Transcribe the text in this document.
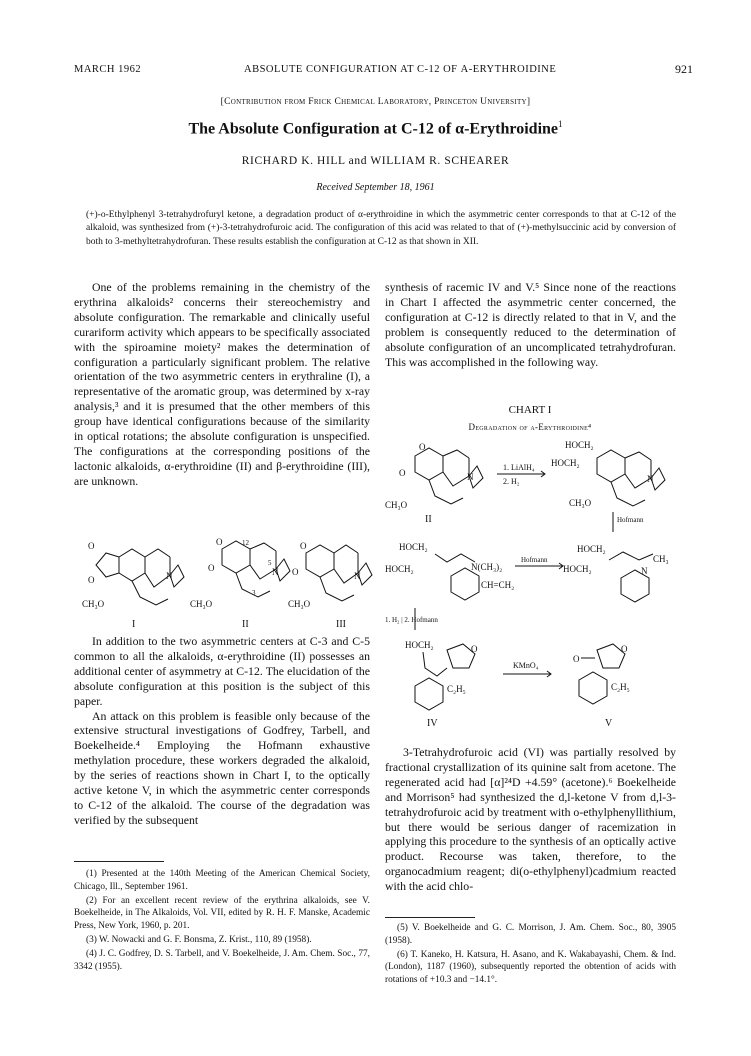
MARCH 1962	ABSOLUTE CONFIGURATION AT C-12 OF Α-ERYTHROIDINE	921
[Contribution from Frick Chemical Laboratory, Princeton University]
The Absolute Configuration at C-12 of α-Erythroidine$^1$
RICHARD K. HILL and WILLIAM R. SCHEARER
Received September 18, 1961
(+)-o-Ethylphenyl 3-tetrahydrofuryl ketone, a degradation product of α-erythroidine in which the asymmetric center corresponds to that at C-12 of the alkaloid, was synthesized from (+)-3-tetrahydrofuroic acid. The configuration of this acid was related to that of (+)-methylsuccinic acid by conversion of both to 3-methyltetrahydrofuran. These results establish the configuration at C-12 as that shown in XII.

One of the problems remaining in the chemistry of the erythrina alkaloids² concerns their stereochemistry and absolute configuration. The remarkable and clinically useful curariform activity which appears to be specifically associated with the spiroamine moiety² makes the determination of configuration a particularly significant problem. The relative orientation of the two asymmetric centers in erythraline (I), a representative of the aromatic group, was determined by x-ray analysis,³ and it is presumed that the other members of this group have identical configurations because of the similarity in optical rotations; the absolute configuration is unspecified. The configurations at the corresponding positions of the lactonic alkaloids, α-erythroidine (II) and β-erythroidine (III), are unknown.

O
O	N
CH₃O
I
O
O
N
12
5
3
CH₃O
II
O
O
N
CH₃O
III

In addition to the two asymmetric centers at C-3 and C-5 common to all the alkaloids, α-erythroidine (II) possesses an additional center of asymmetry at C-12. The elucidation of the absolute configuration at this position is the subject of this paper.

An attack on this problem is feasible only because of the extensive structural investigations of Godfrey, Tarbell, and Boekelheide.⁴ Employing the Hofmann exhaustive methylation procedure, these workers degraded the alkaloid, by the series of reactions shown in Chart I, to the optically active ketone V, in which the asymmetric center corresponds to C-12 of the alkaloid. The course of the degradation was verified by the subsequent

(1) Presented at the 140th Meeting of the American Chemical Society, Chicago, Ill., September 1961.

(2) For an excellent recent review of the erythrina alkaloids, see V. Boekelheide, in The Alkaloids, Vol. VII, edited by R. H. F. Manske, Academic Press, New York, 1960, p. 201.

(3) W. Nowacki and G. F. Bonsma, Z. Krist., 110, 89 (1958).

(4) J. C. Godfrey, D. S. Tarbell, and V. Boekelheide, J. Am. Chem. Soc., 77, 3342 (1955).

synthesis of racemic IV and V.⁵ Since none of the reactions in Chart I affected the asymmetric center concerned, the configuration at C-12 is directly related to that in V, and the problem is consequently reduced to the determination of absolute configuration of an uncomplicated tetrahydrofuran. This was accomplished in the following way.

CHART I
Degradation of α-Erythroidine⁴
O
O
N
CH₃O
II
1. LiAlH₄
2. H₂
HOCH₂
HOCH₂
N
CH₃O
Hofmann
HOCH₂
HOCH₂	N(CH₃)₂
CH=CH₂
Hofmann
HOCH₂
HOCH₂
CH₃
N
1. H₂ | 2. Hofmann
HOCH₂	O
C₂H₅
IV
KMnO₄
O
O
C₂H₅
V

3-Tetrahydrofuroic acid (VI) was partially resolved by fractional crystallization of its quinine salt from acetone. The regenerated acid had [α]²⁴D +4.59° (acetone).⁶ Boekelheide and Morrison⁵ had synthesized the d,l-ketone V from d,l-3-tetrahydrofuroic acid by treatment with o-ethylphenyllithium, but there would be serious danger of racemization in applying this procedure to the synthesis of an optically active product. Recourse was taken, therefore, to the organocadmium reagent; di(o-ethylphenyl)cadmium reacted with the acid chlo-

(5) V. Boekelheide and G. C. Morrison, J. Am. Chem. Soc., 80, 3905 (1958).

(6) T. Kaneko, H. Katsura, H. Asano, and K. Wakabayashi, Chem. & Ind. (London), 1187 (1960), subsequently reported the obtention of acids with rotations of +10.3 and −14.1°.
